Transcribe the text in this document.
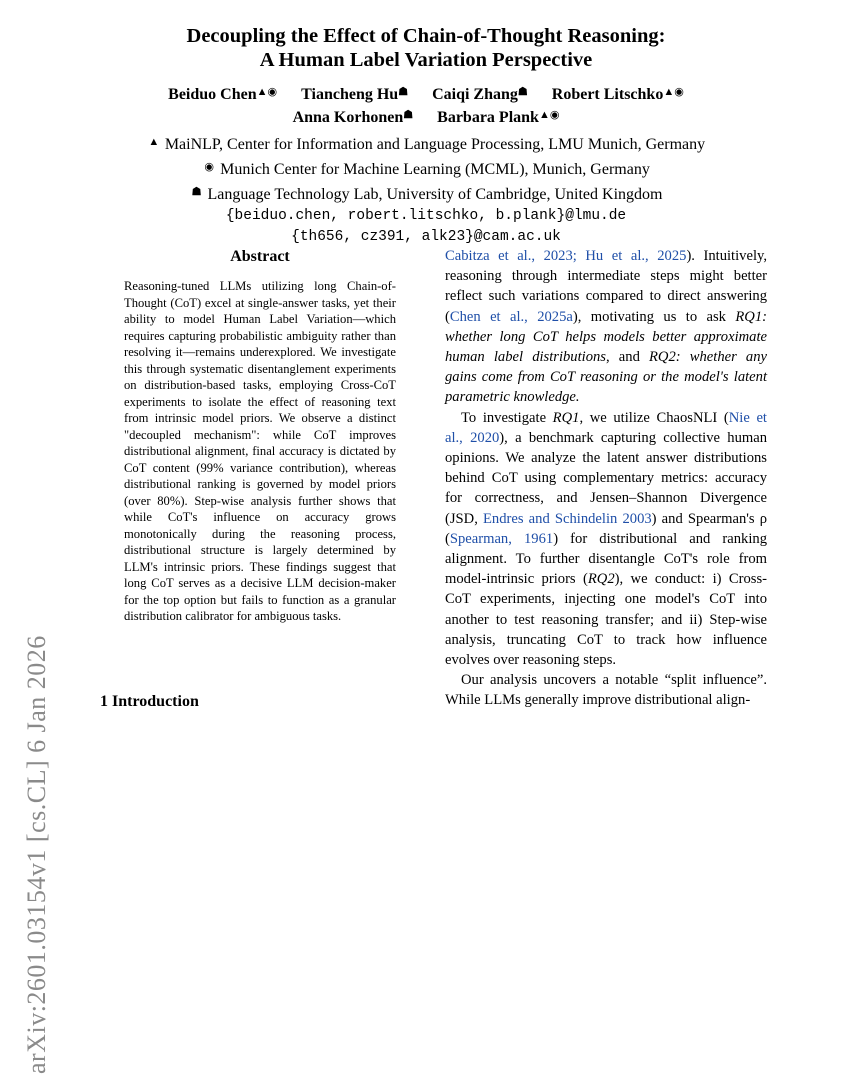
arXiv:2601.03154v1 [cs.CL] 6 Jan 2026
Decoupling the Effect of Chain-of-Thought Reasoning:
A Human Label Variation Perspective
Beiduo Chen▲◉ Tiancheng Hu☗ Caiqi Zhang☗ Robert Litschko▲◉
Anna Korhonen☗ Barbara Plank▲◉
▲ MaiNLP, Center for Information and Language Processing, LMU Munich, Germany
◉ Munich Center for Machine Learning (MCML), Munich, Germany
☗ Language Technology Lab, University of Cambridge, United Kingdom
{beiduo.chen, robert.litschko, b.plank}@lmu.de
{th656, cz391, alk23}@cam.ac.uk
Abstract

Reasoning-tuned LLMs utilizing long Chain-of-Thought (CoT) excel at single-answer tasks, yet their ability to model Human Label Variation—which requires capturing probabilistic ambiguity rather than resolving it—remains underexplored. We investigate this through systematic disentanglement experiments on distribution-based tasks, employing Cross-CoT experiments to isolate the effect of reasoning text from intrinsic model priors. We observe a distinct "decoupled mechanism": while CoT improves distributional alignment, final accuracy is dictated by CoT content (99% variance contribution), whereas distributional ranking is governed by model priors (over 80%). Step-wise analysis further shows that while CoT's influence on accuracy grows monotonically during the reasoning process, distributional structure is largely determined by LLM's intrinsic priors. These findings suggest that long CoT serves as a decisive LLM decision-maker for the top option but fails to function as a granular distribution calibrator for ambiguous tasks.

1 Introduction

Cabitza et al., 2023; Hu et al., 2025). Intuitively, reasoning through intermediate steps might better reflect such variations compared to direct answering (Chen et al., 2025a), motivating us to ask RQ1: whether long CoT helps models better approximate human label distributions, and RQ2: whether any gains come from CoT reasoning or the model's latent parametric knowledge.

To investigate RQ1, we utilize ChaosNLI (Nie et al., 2020), a benchmark capturing collective human opinions. We analyze the latent answer distributions behind CoT using complementary metrics: accuracy for correctness, and Jensen–Shannon Divergence (JSD, Endres and Schindelin 2003) and Spearman's ρ (Spearman, 1961) for distributional and ranking alignment. To further disentangle CoT's role from model-intrinsic priors (RQ2), we conduct: i) Cross-CoT experiments, injecting one model's CoT into another to test reasoning transfer; and ii) Step-wise analysis, truncating CoT to track how influence evolves over reasoning steps.

Our analysis uncovers a notable “split influence”. While LLMs generally improve distributional align-
